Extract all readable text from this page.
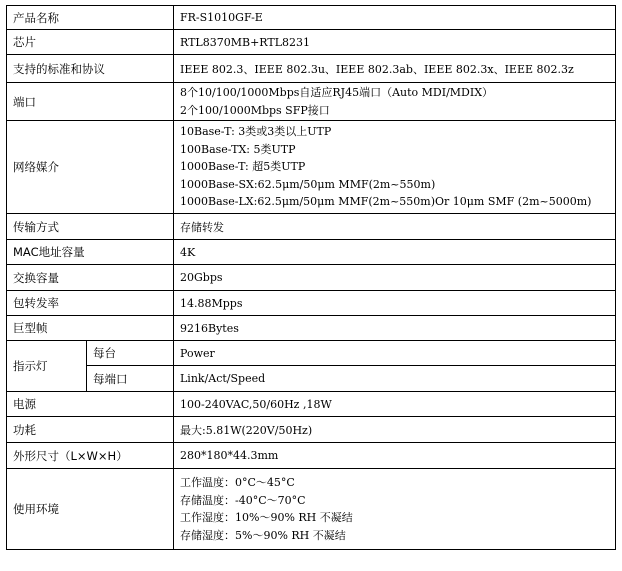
产品名称		FR-S1010GF-E
芯片		RTL8370MB+RTL8231
支持的标准和协议		IEEE 802.3、IEEE 802.3u、IEEE 802.3ab、IEEE 802.3x、IEEE 802.3z
端口		8个10/100/1000Mbps自适应RJ45端口（Auto MDI/MDIX）
2个100/1000Mbps SFP接口

网络媒介		10Base-T: 3类或3类以上UTP
100Base-TX: 5类UTP
1000Base-T: 超5类UTP
1000Base-SX:62.5μm/50μm MMF(2m~550m)
1000Base-LX:62.5μm/50μm MMF(2m~550m)Or 10μm SMF (2m~5000m)

传输方式		存储转发
MAC地址容量		4K
交换容量		20Gbps
包转发率		14.88Mpps
巨型帧		9216Bytes
指示灯	每台	Power
	每端口	Link/Act/Speed
电源		100-240VAC,50/60Hz ,18W
功耗		最大:5.81W(220V/50Hz)
外形尺寸（L×W×H）		280*180*44.3mm
使用环境		工作温度：0°C～45°C
存储温度：-40°C～70°C
工作湿度：10%～90% RH 不凝结
存储湿度：5%～90% RH 不凝结
